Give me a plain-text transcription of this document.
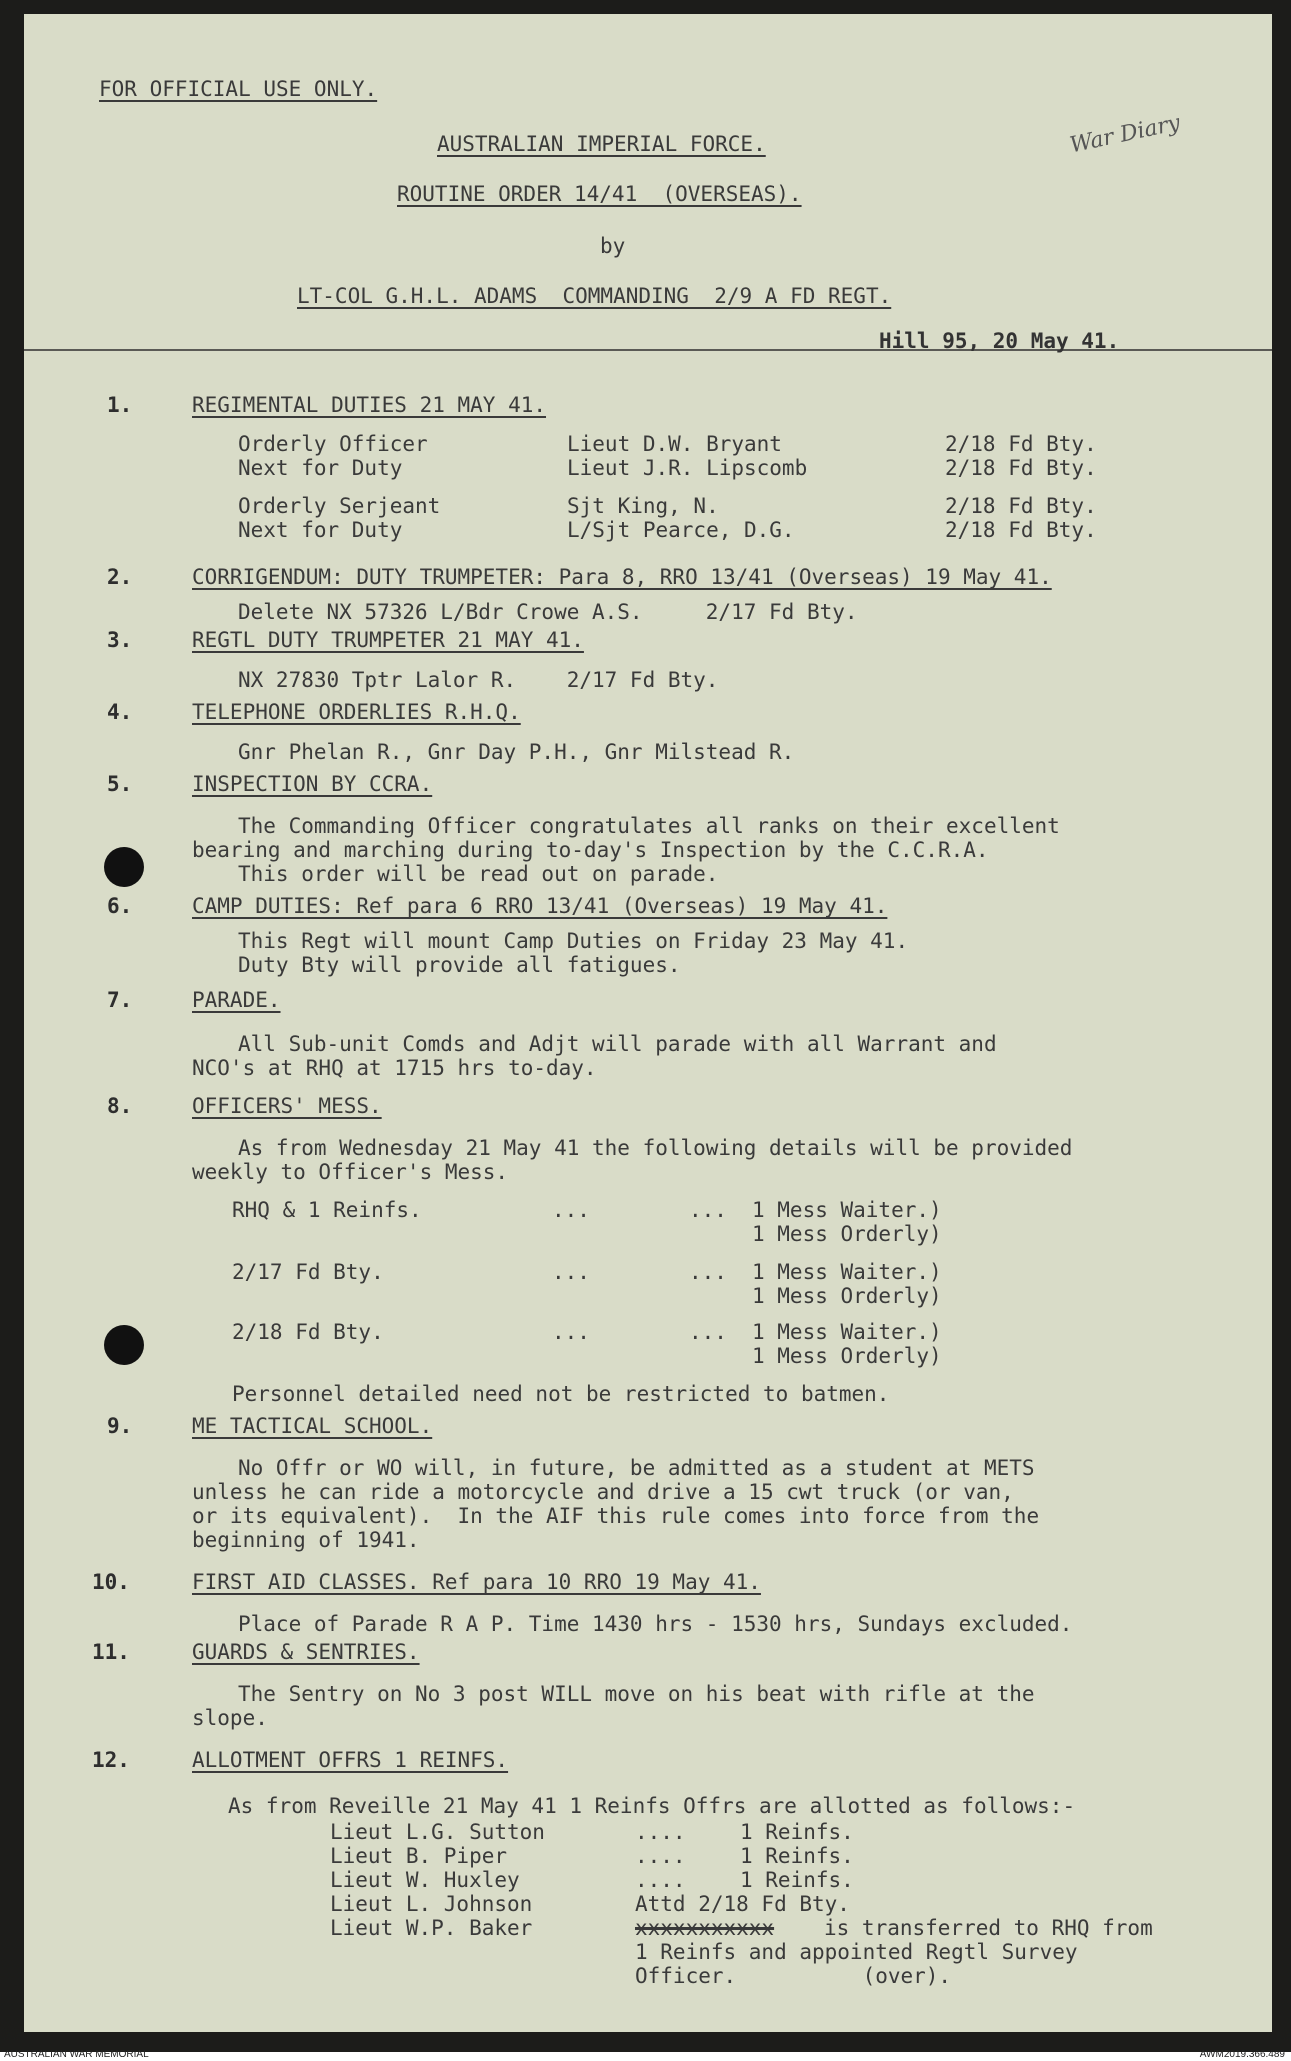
FOR OFFICIAL USE ONLY.
AUSTRALIAN IMPERIAL FORCE.
ROUTINE ORDER 14/41  (OVERSEAS).
by
LT-COL G.H.L. ADAMS  COMMANDING  2/9 A FD REGT.
War Diary
Hill 95, 20 May 41.
1.	REGIMENTAL DUTIES 21 MAY 41.
Orderly Officer	Lieut D.W. Bryant	2/18 Fd Bty.
Next for Duty	Lieut J.R. Lipscomb	2/18 Fd Bty.
Orderly Serjeant	Sjt King, N.	2/18 Fd Bty.
Next for Duty	L/Sjt Pearce, D.G.	2/18 Fd Bty.
2.	CORRIGENDUM: DUTY TRUMPETER: Para 8, RRO 13/41 (Overseas) 19 May 41.
Delete NX 57326 L/Bdr Crowe A.S.     2/17 Fd Bty.
3.	REGTL DUTY TRUMPETER 21 MAY 41.
NX 27830 Tptr Lalor R.    2/17 Fd Bty.
4.	TELEPHONE ORDERLIES R.H.Q.
Gnr Phelan R., Gnr Day P.H., Gnr Milstead R.
5.	INSPECTION BY CCRA.
The Commanding Officer congratulates all ranks on their excellent
bearing and marching during to-day's Inspection by the C.C.R.A.
This order will be read out on parade.
6.	CAMP DUTIES: Ref para 6 RRO 13/41 (Overseas) 19 May 41.
This Regt will mount Camp Duties on Friday 23 May 41.
Duty Bty will provide all fatigues.
7.	PARADE.
All Sub-unit Comds and Adjt will parade with all Warrant and
NCO's at RHQ at 1715 hrs to-day.
8.	OFFICERS' MESS.
As from Wednesday 21 May 41 the following details will be provided
weekly to Officer's Mess.
RHQ & 1 Reinfs.	...	... 1 Mess Waiter.)
1 Mess Orderly)
2/17 Fd Bty.	...	... 1 Mess Waiter.)
1 Mess Orderly)
2/18 Fd Bty.	...	... 1 Mess Waiter.)
1 Mess Orderly)
Personnel detailed need not be restricted to batmen.
9.	ME TACTICAL SCHOOL.
No Offr or WO will, in future, be admitted as a student at METS
unless he can ride a motorcycle and drive a 15 cwt truck (or van,
or its equivalent).  In the AIF this rule comes into force from the
beginning of 1941.
10.	FIRST AID CLASSES. Ref para 10 RRO 19 May 41.
Place of Parade R A P. Time 1430 hrs - 1530 hrs, Sundays excluded.
11.	GUARDS & SENTRIES.
The Sentry on No 3 post WILL move on his beat with rifle at the
slope.
12.	ALLOTMENT OFFRS 1 REINFS.
As from Reveille 21 May 41 1 Reinfs Offrs are allotted as follows:-
Lieut L.G. Sutton	....	1 Reinfs.
Lieut B. Piper	....	1 Reinfs.
Lieut W. Huxley	....	1 Reinfs.
Lieut L. Johnson	Attd 2/18 Fd Bty.
Lieut W.P. Baker	xxxxxxxxxxx is transferred to RHQ from
1 Reinfs and appointed Regtl Survey
Officer.          (over).
AUSTRALIAN WAR MEMORIAL	AWM2019.366.489
